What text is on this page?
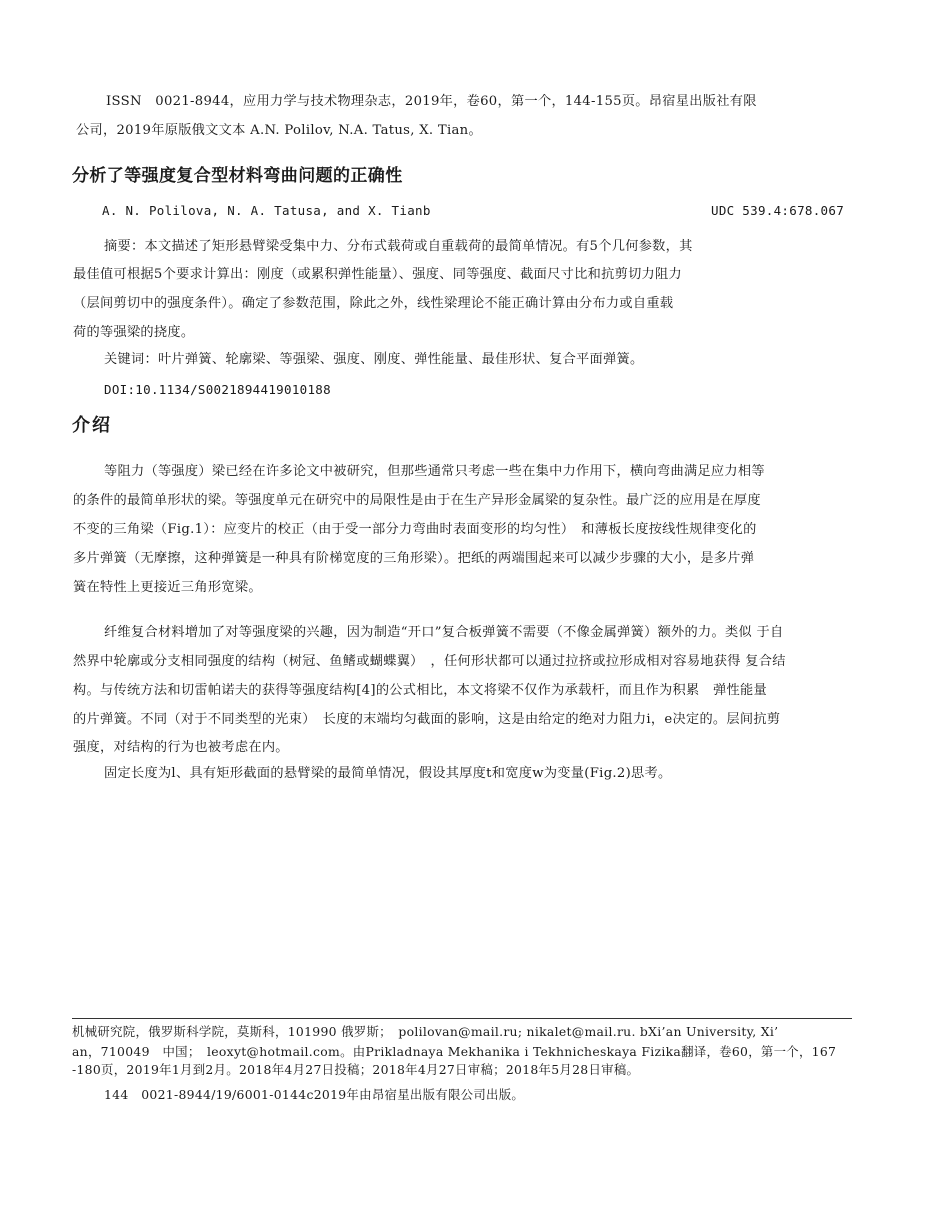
ISSN　0021-8944，应用力学与技术物理杂志，2019年，卷60，第一个，144-155页。昂宿星出版社有限
公司，2019年原版俄文文本 A.N. Polilov, N.A. Tatus, X. Tian。
分析了等强度复合型材料弯曲问题的正确性
A. N. Polilova, N. A. Tatusa, and X. Tianb	UDC 539.4:678.067
摘要：本文描述了矩形悬臂梁受集中力、分布式载荷或自重载荷的最简单情况。有5个几何参数，其
最佳值可根据5个要求计算出：刚度（或累积弹性能量）、强度、同等强度、截面尺寸比和抗剪切力阻力
（层间剪切中的强度条件）。确定了参数范围，除此之外，线性梁理论不能正确计算由分布力或自重载
荷的等强梁的挠度。
关键词：叶片弹簧、轮廓梁、等强梁、强度、刚度、弹性能量、最佳形状、复合平面弹簧。
DOI:10.1134/S0021894419010188
介绍
等阻力（等强度）梁已经在许多论文中被研究，但那些通常只考虑一些在集中力作用下，横向弯曲满足应力相等
的条件的最简单形状的梁。等强度单元在研究中的局限性是由于在生产异形金属梁的复杂性。最广泛的应用是在厚度
不变的三角梁（Fig.1）：应变片的校正（由于受一部分力弯曲时表面变形的均匀性）　和薄板长度按线性规律变化的
多片弹簧（无摩擦，这种弹簧是一种具有阶梯宽度的三角形梁）。把纸的两端围起来可以减少步骤的大小，是多片弹
簧在特性上更接近三角形宽梁。
纤维复合材料增加了对等强度梁的兴趣，因为制造“开口”复合板弹簧不需要（不像金属弹簧）额外的力。类似 于自
然界中轮廓或分支相同强度的结构（树冠、鱼鳍或蝴蝶翼）　，任何形状都可以通过拉挤或拉形成相对容易地获得 复合结
构。与传统方法和切雷帕诺夫的获得等强度结构[4]的公式相比，本文将梁不仅作为承载杆，而且作为积累　弹性能量
的片弹簧。不同（对于不同类型的光束）　长度的末端均匀截面的影响，这是由给定的绝对力阻力i，e决定的。层间抗剪
强度，对结构的行为也被考虑在内。
固定长度为l、具有矩形截面的悬臂梁的最简单情况，假设其厚度t和宽度w为变量(Fig.2)思考。
机械研究院，俄罗斯科学院，莫斯科，101990 俄罗斯；　polilovan@mail.ru; nikalet@mail.ru. bXi’an University, Xi’
an，710049　中国；　leoxyt@hotmail.com。由Prikladnaya Mekhanika i Tekhnicheskaya Fizika翻译，卷60，第一个，167
-180页，2019年1月到2月。2018年4月27日投稿；2018年4月27日审稿；2018年5月28日审稿。
144　0021-8944/19/6001-0144c2019年由昂宿星出版有限公司出版。
